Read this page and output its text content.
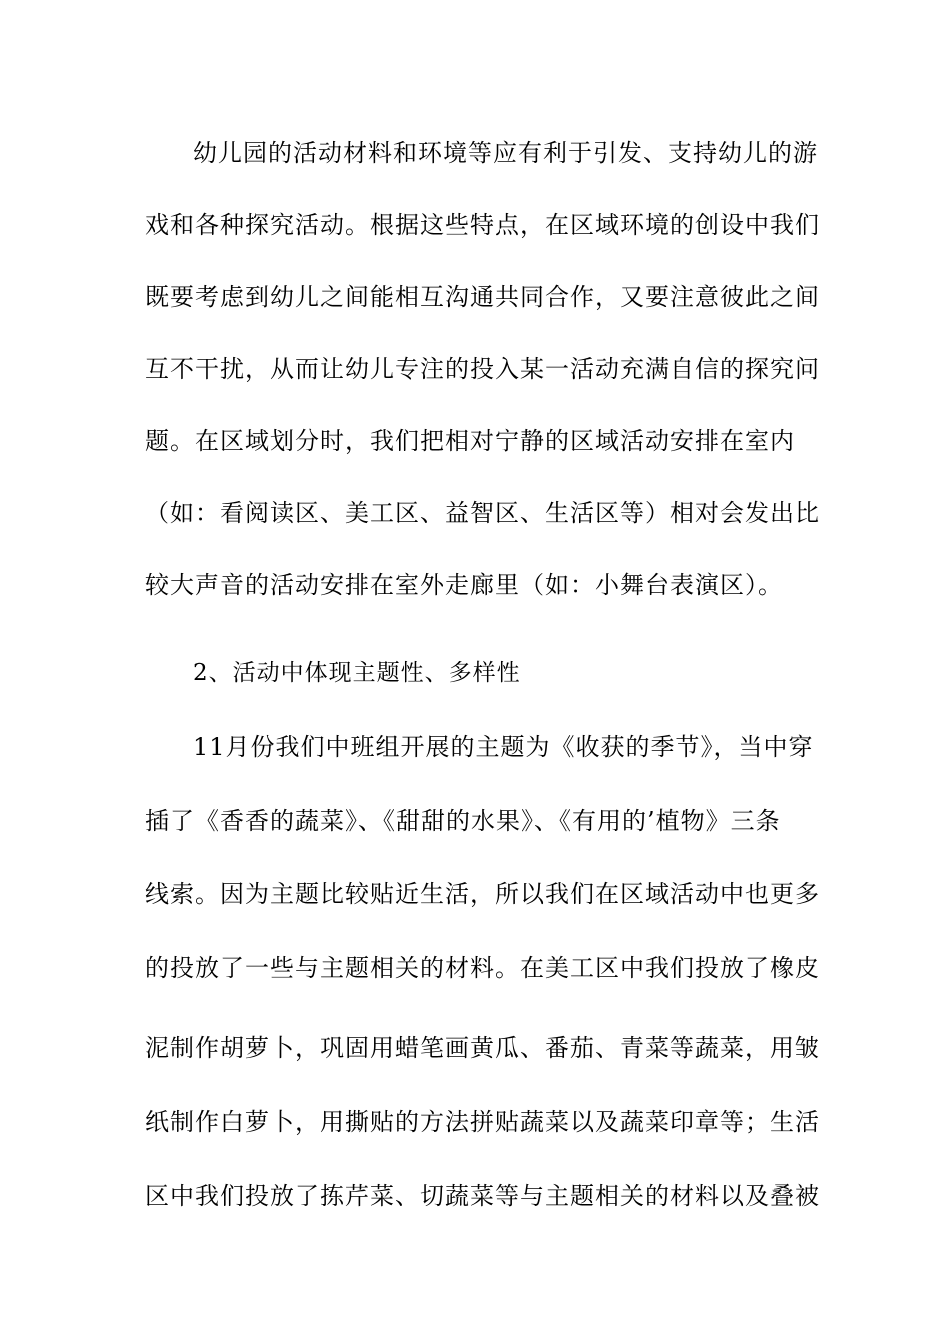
幼儿园的活动材料和环境等应有利于引发、支持幼儿的游
戏和各种探究活动。根据这些特点，在区域环境的创设中我们
既要考虑到幼儿之间能相互沟通共同合作，又要注意彼此之间
互不干扰，从而让幼儿专注的投入某一活动充满自信的探究问
题。在区域划分时，我们把相对宁静的区域活动安排在室内
（如：看阅读区、美工区、益智区、生活区等）相对会发出比
较大声音的活动安排在室外走廊里（如：小舞台表演区）。
2、活动中体现主题性、多样性
11月份我们中班组开展的主题为《收获的季节》，当中穿
插了《香香的蔬菜》、《甜甜的水果》、《有用的’植物》三条
线索。因为主题比较贴近生活，所以我们在区域活动中也更多
的投放了一些与主题相关的材料。在美工区中我们投放了橡皮
泥制作胡萝卜，巩固用蜡笔画黄瓜、番茄、青菜等蔬菜，用皱
纸制作白萝卜，用撕贴的方法拼贴蔬菜以及蔬菜印章等；生活
区中我们投放了拣芹菜、切蔬菜等与主题相关的材料以及叠被
